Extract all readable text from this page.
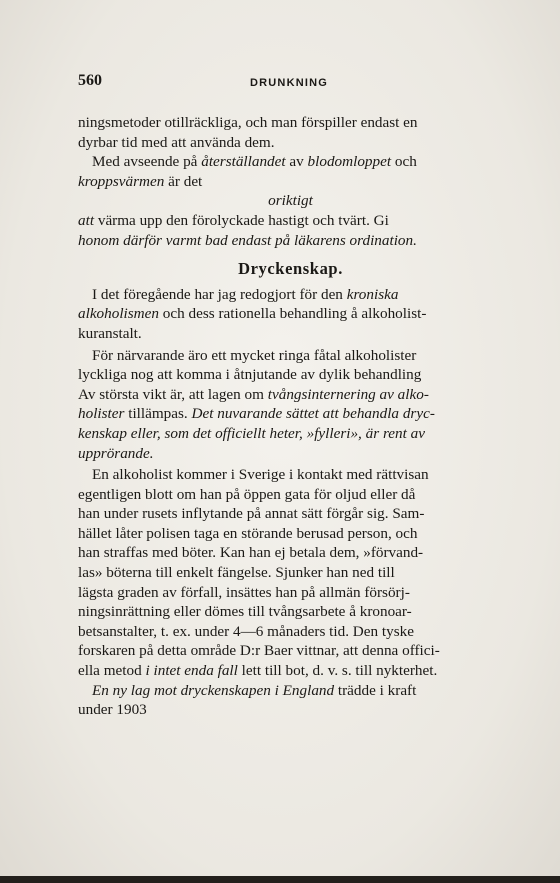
560	DRUNKNING
ningsmetoder otillräckliga, och man förspiller endast en
dyrbar tid med att använda dem.
Med avseende på återställandet av blodomloppet och
kroppsvärmen är det
oriktigt
att värma upp den förolyckade hastigt och tvärt. Gi
honom därför varmt bad endast på läkarens ordination.
Dryckenskap.
I det föregående har jag redogjort för den kroniska
alkoholismen och dess rationella behandling å alkoholist-
kuranstalt.
För närvarande äro ett mycket ringa fåtal alkoholister
lyckliga nog att komma i åtnjutande av dylik behandling
Av största vikt är, att lagen om tvångsinternering av alko-
holister tillämpas. Det nuvarande sättet att behandla dryc-
kenskap eller, som det officiellt heter, »fylleri», är rent av
upprörande.
En alkoholist kommer i Sverige i kontakt med rättvisan
egentligen blott om han på öppen gata för oljud eller då
han under rusets inflytande på annat sätt förgår sig. Sam-
hället låter polisen taga en störande berusad person, och
han straffas med böter. Kan han ej betala dem, »förvand-
las» böterna till enkelt fängelse. Sjunker han ned till
lägsta graden av förfall, insättes han på allmän försörj-
ningsinrättning eller dömes till tvångsarbete å kronoar-
betsanstalter, t. ex. under 4—6 månaders tid. Den tyske
forskaren på detta område D:r Baer vittnar, att denna offici-
ella metod i intet enda fall lett till bot, d. v. s. till nykterhet.
En ny lag mot dryckenskapen i England trädde i kraft
under 1903
